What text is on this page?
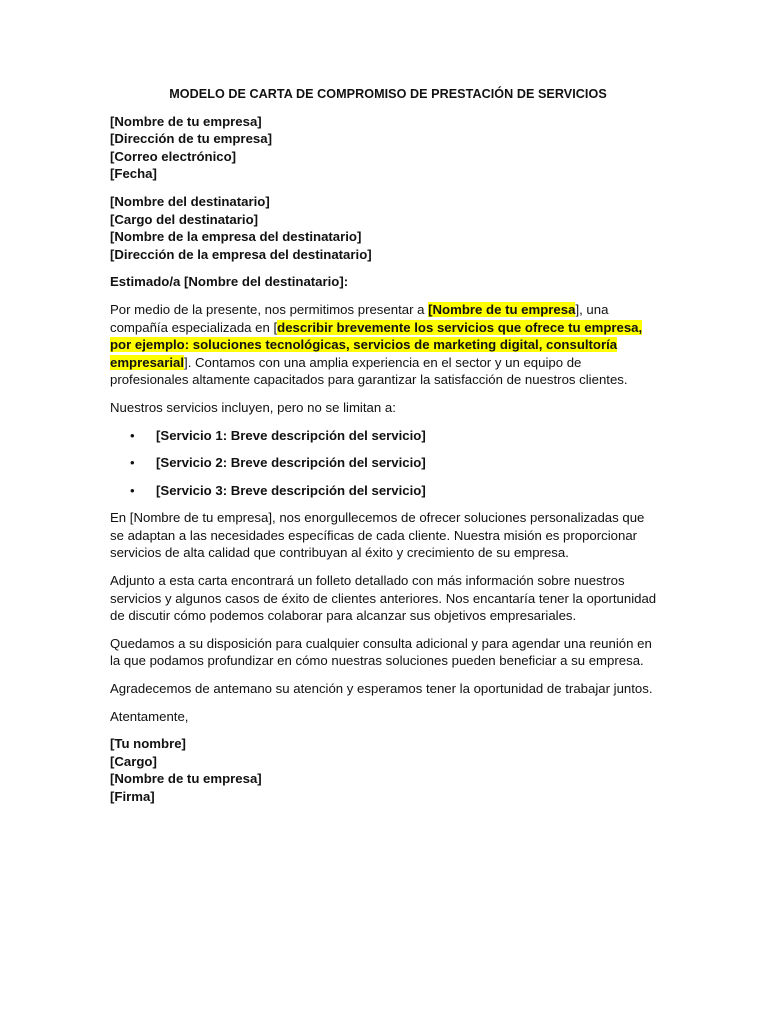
MODELO DE CARTA DE COMPROMISO DE PRESTACIÓN DE SERVICIOS
[Nombre de tu empresa]
[Dirección de tu empresa]
[Correo electrónico]
[Fecha]
[Nombre del destinatario]
[Cargo del destinatario]
[Nombre de la empresa del destinatario]
[Dirección de la empresa del destinatario]

Estimado/a [Nombre del destinatario]:

Por medio de la presente, nos permitimos presentar a [Nombre de tu empresa], una compañía especializada en [describir brevemente los servicios que ofrece tu empresa, por ejemplo: soluciones tecnológicas, servicios de marketing digital, consultoría empresarial]. Contamos con una amplia experiencia en el sector y un equipo de profesionales altamente capacitados para garantizar la satisfacción de nuestros clientes.

Nuestros servicios incluyen, pero no se limitan a:

• [Servicio 1: Breve descripción del servicio]
• [Servicio 2: Breve descripción del servicio]
• [Servicio 3: Breve descripción del servicio]

En [Nombre de tu empresa], nos enorgullecemos de ofrecer soluciones personalizadas que se adaptan a las necesidades específicas de cada cliente. Nuestra misión es proporcionar servicios de alta calidad que contribuyan al éxito y crecimiento de su empresa.

Adjunto a esta carta encontrará un folleto detallado con más información sobre nuestros servicios y algunos casos de éxito de clientes anteriores. Nos encantaría tener la oportunidad de discutir cómo podemos colaborar para alcanzar sus objetivos empresariales.

Quedamos a su disposición para cualquier consulta adicional y para agendar una reunión en la que podamos profundizar en cómo nuestras soluciones pueden beneficiar a su empresa.

Agradecemos de antemano su atención y esperamos tener la oportunidad de trabajar juntos.

Atentamente,

[Tu nombre]
[Cargo]
[Nombre de tu empresa]
[Firma]
